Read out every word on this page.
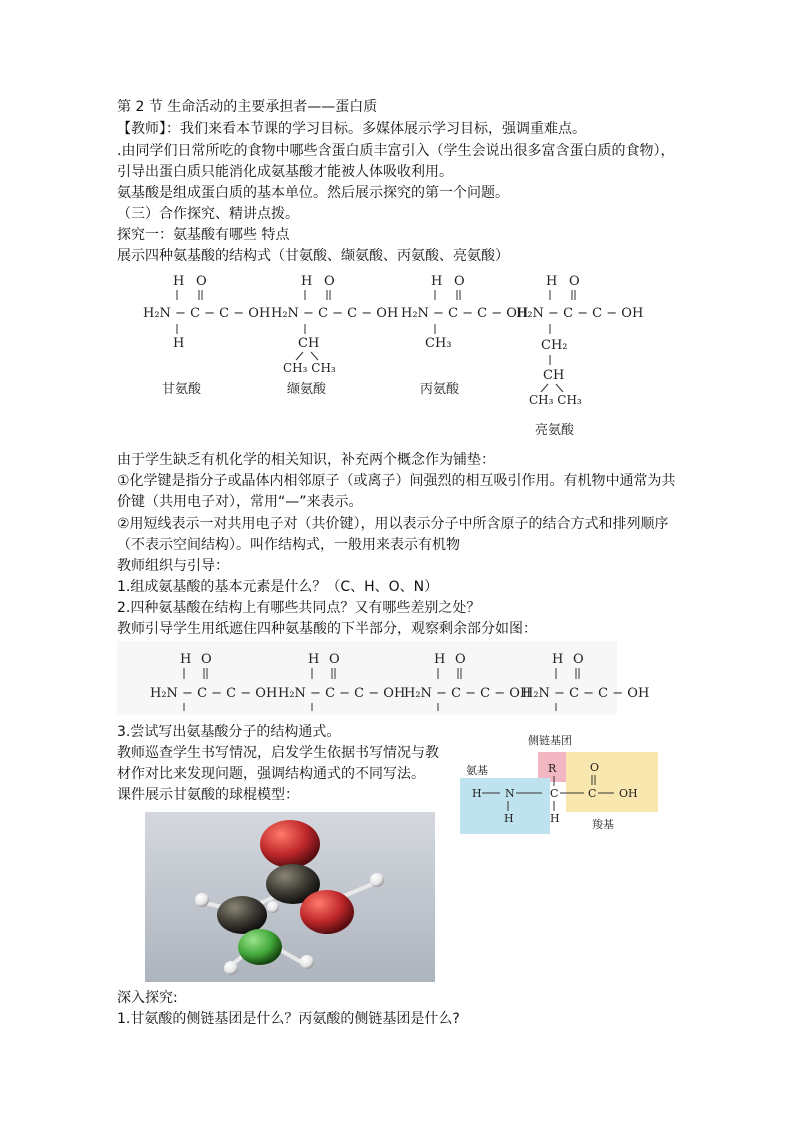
第 2 节 生命活动的主要承担者——蛋白质
【教师】：我们来看本节课的学习目标。多媒体展示学习目标，强调重难点。
.由同学们日常所吃的食物中哪些含蛋白质丰富引入（学生会说出很多富含蛋白质的食物），
引导出蛋白质只能消化成氨基酸才能被人体吸收利用。
氨基酸是组成蛋白质的基本单位。然后展示探究的第一个问题。
（三）合作探究、精讲点拨。
探究一：氨基酸有哪些 特点
展示四种氨基酸的结构式（甘氨酸、缬氨酸、丙氨酸、亮氨酸）
H O
H₂N − C − C − OH
H
甘氨酸
H O
H₂N − C − C − OH
CH
CH₃ CH₃
缬氨酸
H O
H₂N − C − C − OH
CH₃
丙氨酸
H O
H₂N − C − C − OH
CH₂
CH
CH₃ CH₃
亮氨酸
由于学生缺乏有机化学的相关知识，补充两个概念作为铺垫：
①化学键是指分子或晶体内相邻原子（或离子）间强烈的相互吸引作用。有机物中通常为共
价键（共用电子对），常用“—”来表示。
②用短线表示一对共用电子对（共价键），用以表示分子中所含原子的结合方式和排列顺序
（不表示空间结构）。叫作结构式，一般用来表示有机物
教师组织与引导：
1.组成氨基酸的基本元素是什么？（C、H、O、N）
2.四种氨基酸在结构上有哪些共同点？又有哪些差别之处？
教师引导学生用纸遮住四种氨基酸的下半部分，观察剩余部分如图：
H O
H₂N − C − C − OH
H O
H₂N − C − C − OH
H O
H₂N − C − C − OH
H O
H₂N − C − C − OH
3.尝试写出氨基酸分子的结构通式。
教师巡查学生书写情况，启发学生依据书写情况与教
材作对比来发现问题，强调结构通式的不同写法。
课件展示甘氨酸的球棍模型：
侧链基团
氨基
羧基
R	O
H N	C	C OH
H	H
深入探究:
1.甘氨酸的侧链基团是什么？丙氨酸的侧链基团是什么?
